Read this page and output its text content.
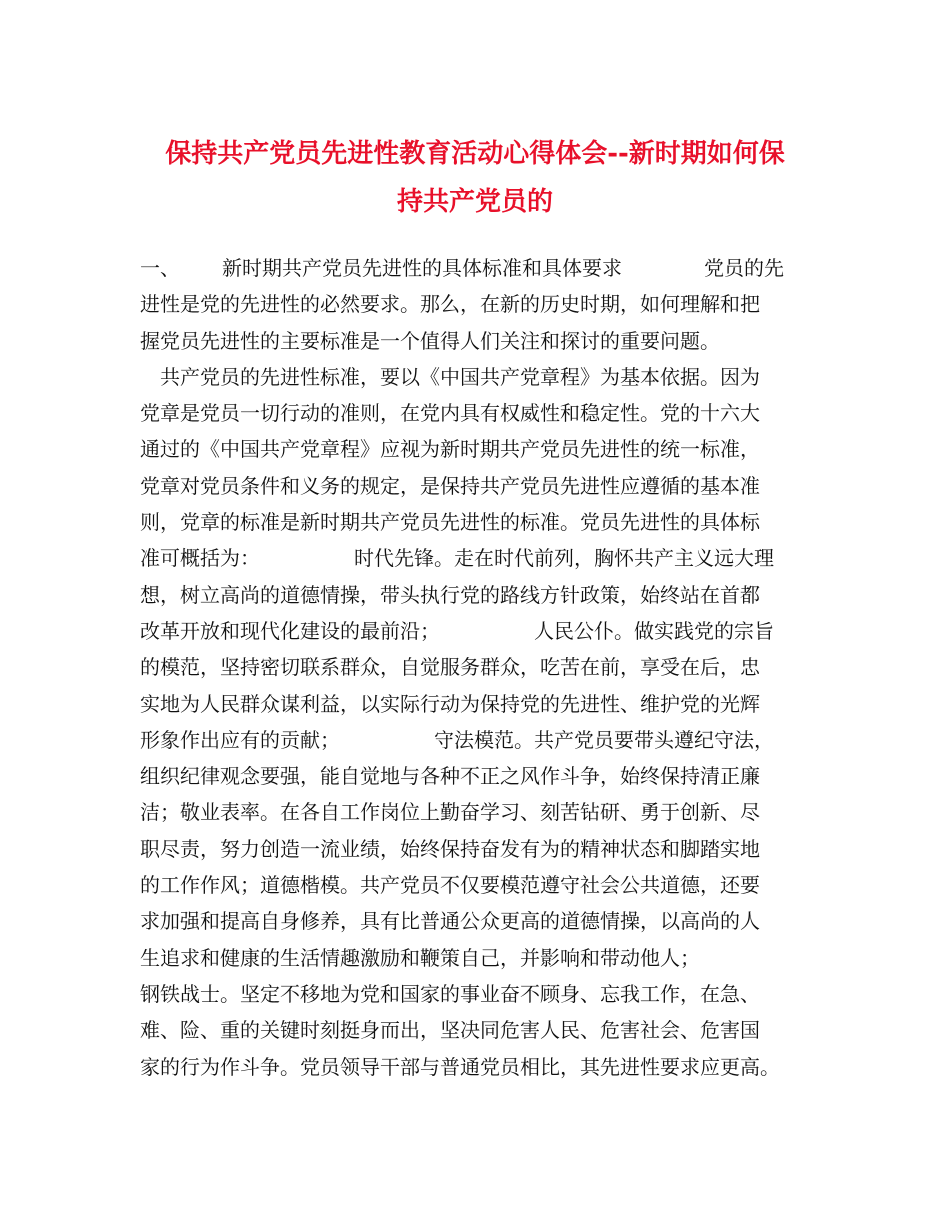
保持共产党员先进性教育活动心得体会--新时期如何保
持共产党员的
一、 新时期共产党员先进性的具体标准和具体要求	党员的先
进性是党的先进性的必然要求。那么，在新的历史时期，如何理解和把
握党员先进性的主要标准是一个值得人们关注和探讨的重要问题。
共产党员的先进性标准，要以《中国共产党章程》为基本依据。因为
党章是党员一切行动的准则，在党内具有权威性和稳定性。党的十六大
通过的《中国共产党章程》应视为新时期共产党员先进性的统一标准，
党章对党员条件和义务的规定，是保持共产党员先进性应遵循的基本准
则，党章的标准是新时期共产党员先进性的标准。党员先进性的具体标
准可概括为：	时代先锋。走在时代前列，胸怀共产主义远大理
想，树立高尚的道德情操，带头执行党的路线方针政策，始终站在首都
改革开放和现代化建设的最前沿；	人民公仆。做实践党的宗旨
的模范，坚持密切联系群众，自觉服务群众，吃苦在前，享受在后，忠
实地为人民群众谋利益，以实际行动为保持党的先进性、维护党的光辉
形象作出应有的贡献；	守法模范。共产党员要带头遵纪守法，
组织纪律观念要强，能自觉地与各种不正之风作斗争，始终保持清正廉
洁；敬业表率。在各自工作岗位上勤奋学习、刻苦钻研、勇于创新、尽
职尽责，努力创造一流业绩，始终保持奋发有为的精神状态和脚踏实地
的工作作风；道德楷模。共产党员不仅要模范遵守社会公共道德，还要
求加强和提高自身修养，具有比普通公众更高的道德情操，以高尚的人
生追求和健康的生活情趣激励和鞭策自己，并影响和带动他人；
钢铁战士。坚定不移地为党和国家的事业奋不顾身、忘我工作，在急、
难、险、重的关键时刻挺身而出，坚决同危害人民、危害社会、危害国
家的行为作斗争。党员领导干部与普通党员相比，其先进性要求应更高。
